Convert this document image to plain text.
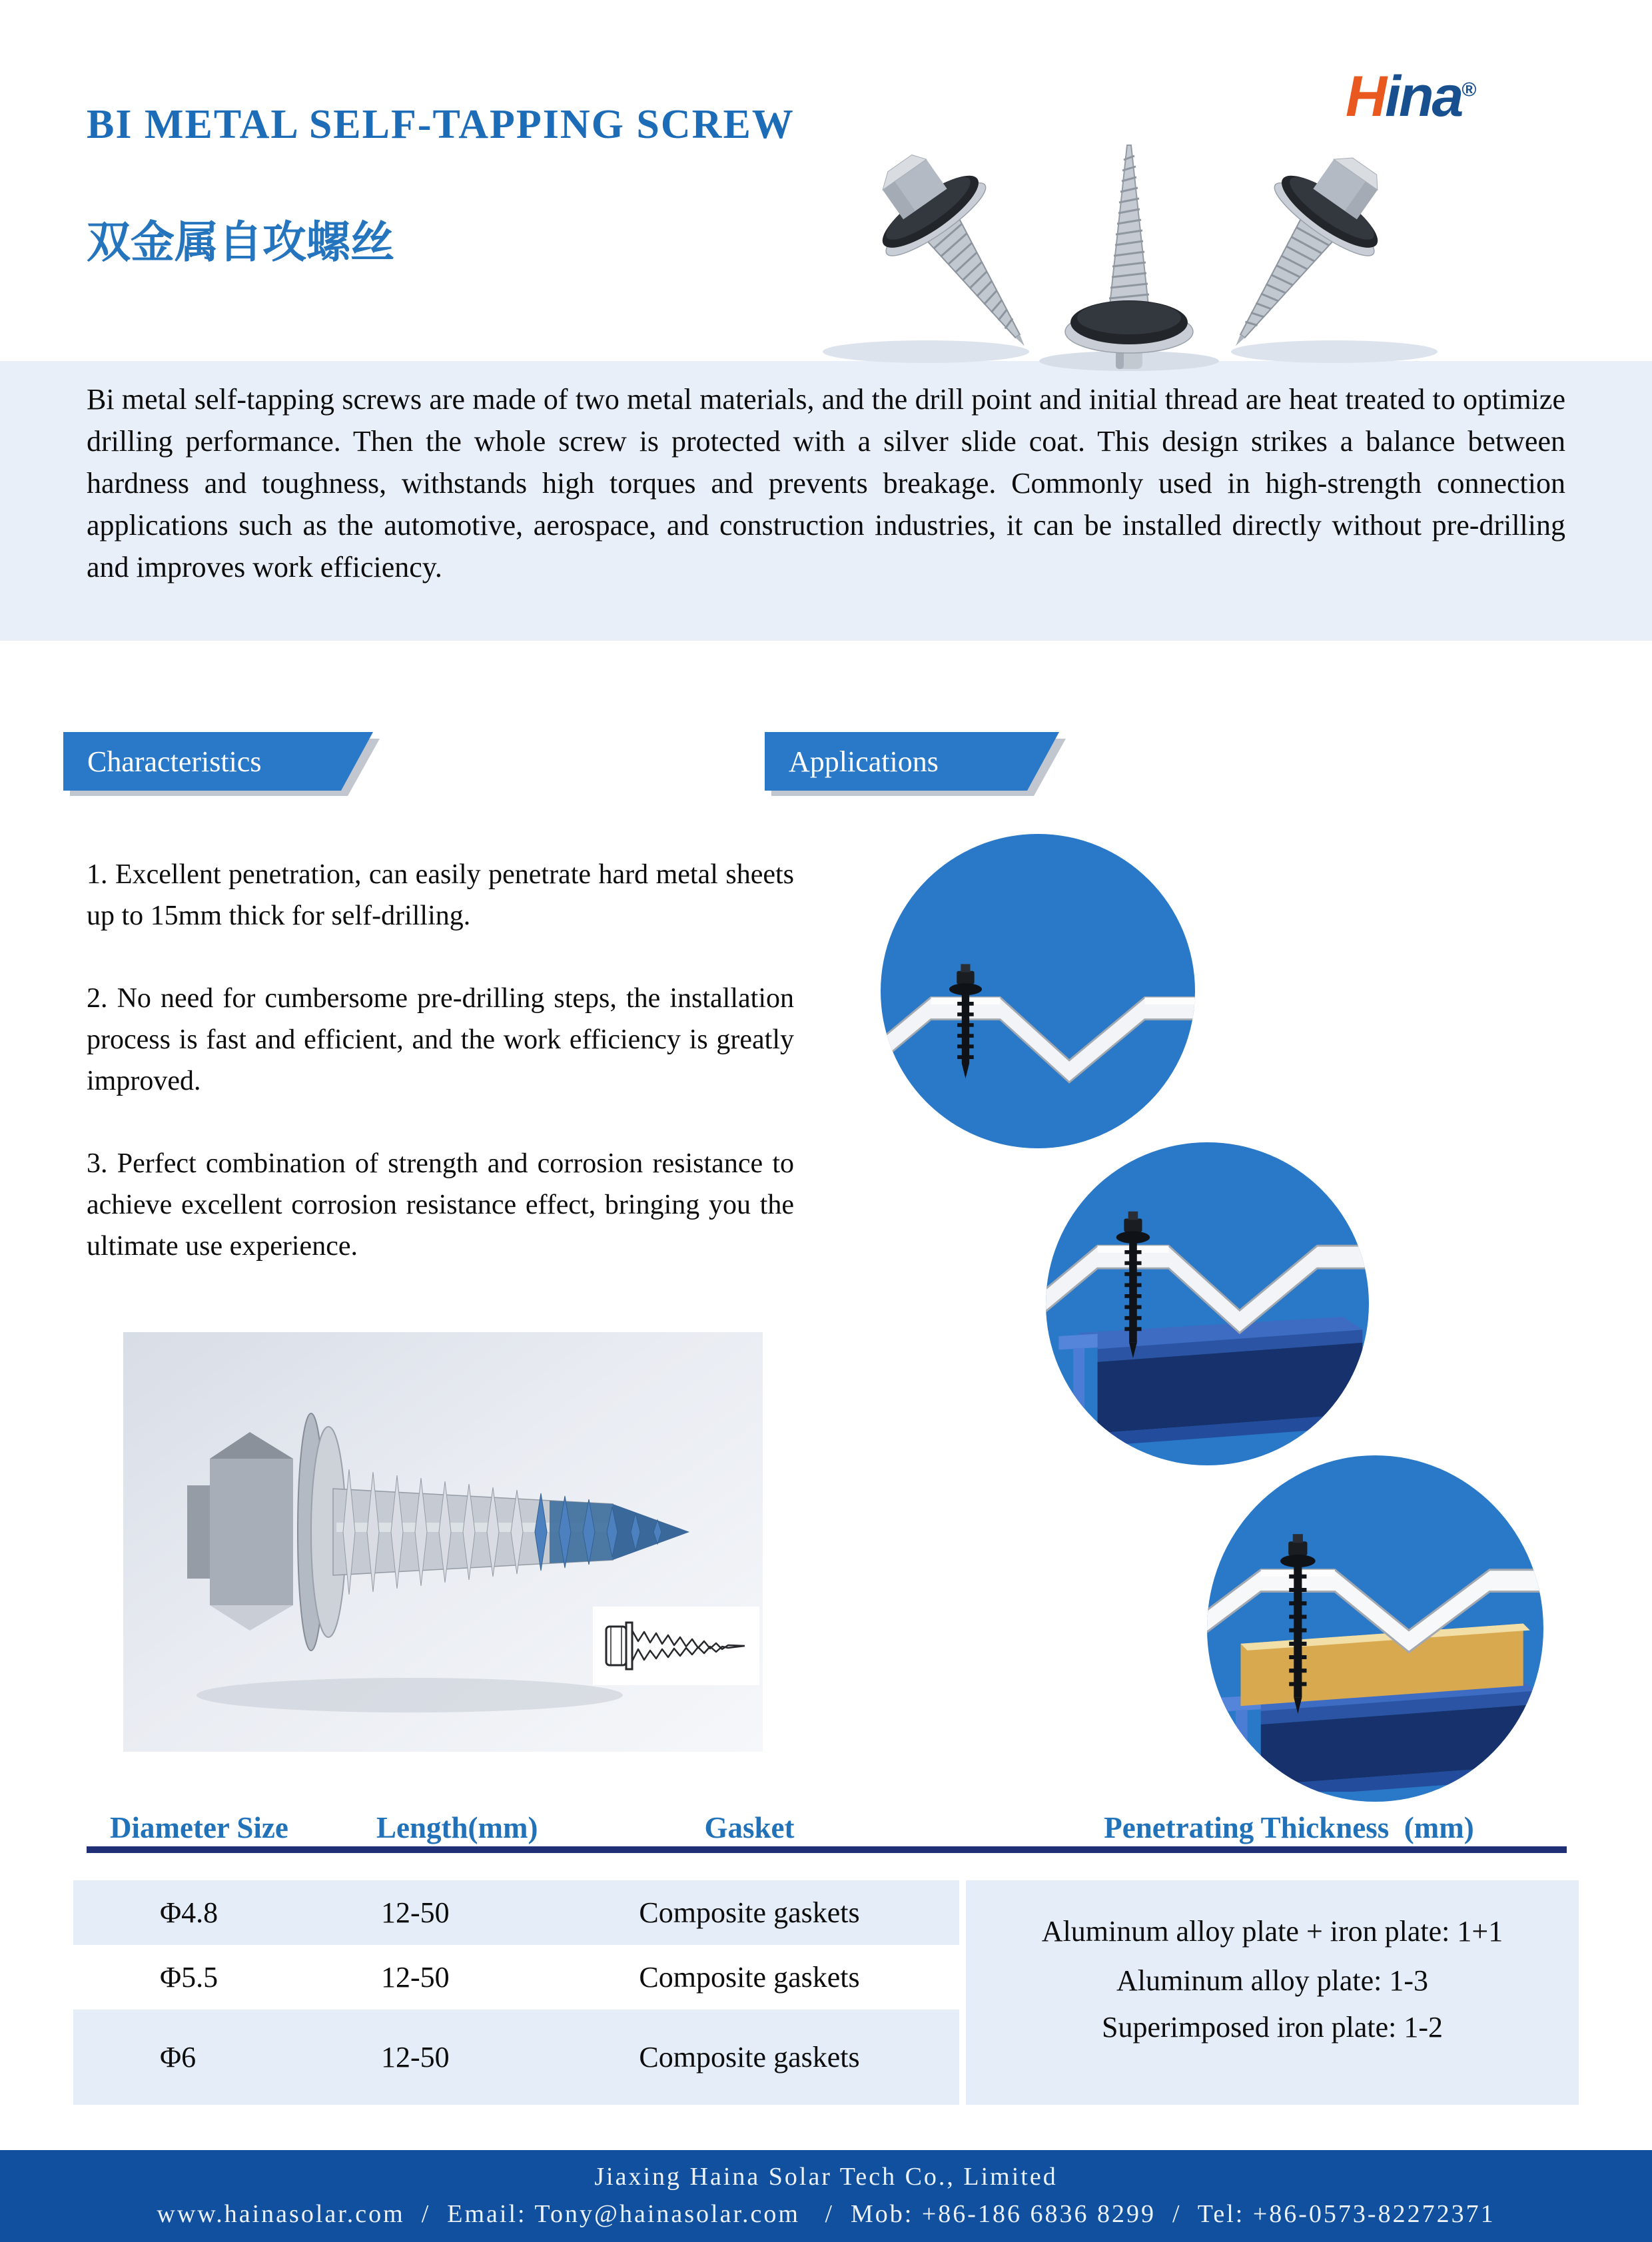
BI METAL SELF-TAPPING SCREW	Hina®
双金属自攻螺丝
Characteristics	Applications

1. Excellent penetration, can easily penetrate hard metal sheets up to 15mm thick for self-drilling.

2. No need for cumbersome pre-drilling steps, the installation process is fast and efficient, and the work efficiency is greatly improved.

3. Perfect combination of strength and corrosion resistance to achieve excellent corrosion resistance effect, bringing you the ultimate use experience.

Diameter Size	Length(mm)	Gasket	Penetrating Thickness  (mm)
Φ4.8	12-50	Composite gaskets
Φ5.5	12-50	Composite gaskets
Φ6	12-50	Composite gaskets
Aluminum alloy plate + iron plate: 1+1
Aluminum alloy plate: 1-3
Superimposed iron plate: 1-2
Bi metal self-tapping screws are made of two metal materials, and the drill point and initial thread are heat treated to optimize drilling performance. Then the whole screw is protected with a silver slide coat. This design strikes a balance between hardness and toughness, withstands high torques and prevents breakage. Commonly used in high-strength connection applications such as the automotive, aerospace, and construction industries, it can be installed directly without pre-drilling and improves work efficiency.
Jiaxing Haina Solar Tech Co., Limited
www.hainasolar.com  /  Email: Tony@hainasolar.com   /  Mob: +86-186 6836 8299  /  Tel: +86-0573-82272371
